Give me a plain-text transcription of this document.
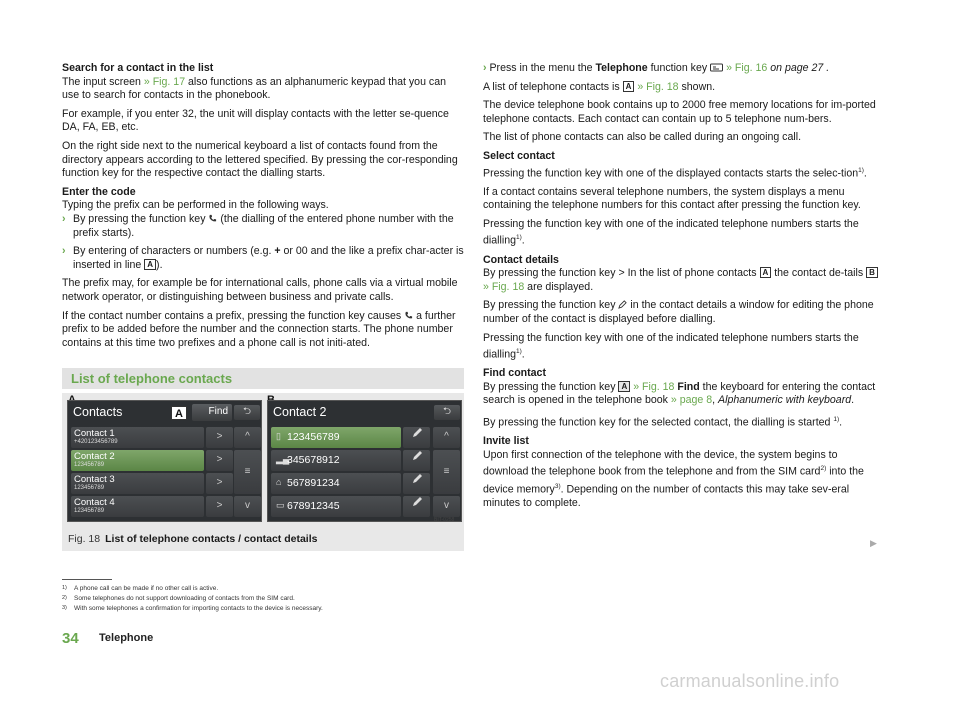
Search for a contact in the list

The input screen » Fig. 17 also functions as an alphanumeric keypad that you can use to search for contacts in the phonebook.

For example, if you enter 32, the unit will display contacts with the letter se-quence DA, FA, EB, etc.

On the right side next to the numerical keyboard a list of contacts found from the directory appears according to the lettered specified. By pressing the cor-responding function key for the respective contact the dialling starts.

Enter the code

Typing the prefix can be performed in the following ways.

› By pressing the function key (the dialling of the entered phone number with the prefix starts).

› By entering of characters or numbers (e.g. + or 00 and the like a prefix char-acter is inserted in line A ).

The prefix may, for example be for international calls, phone calls via a virtual mobile network operator, or distinguishing between business and private calls.

If the contact number contains a prefix, pressing the function key causes a further prefix to be added before the number and the connection starts. The phone number contains at this time two prefixes and a phone call is not initi-ated.

List of telephone contacts
Contacts	Find
A	⮌
Contact 1
+420123456789
Contact 2
123456789
Contact 3
123456789
Contact 4
123456789
>
>
>
>
^
≡
v
Contact 2	⮌
▯ 123456789
▂▄
345678912
⌂ 567891234
▭ 678912345
^
≡
v
BIT-0258
Fig. 18 List of telephone contacts / contact details

› Press in the menu the Telephone function key » Fig. 16 on page 27 .

A list of telephone contacts is A » Fig. 18 shown.

The device telephone book contains up to 2000 free memory locations for im-ported telephone contacts. Each contact can contain up to 5 telephone num-bers.

The list of phone contacts can also be called during an ongoing call.

Select contact

Pressing the function key with one of the displayed contacts starts the selec-tion$^{1)}$.

If a contact contains several telephone numbers, the system displays a menu containing the telephone numbers for this contact after pressing the function key.

Pressing the function key with one of the indicated telephone numbers starts the dialling$^{1)}$.

Contact details

By pressing the function key > In the list of phone contacts A the contact de-tails B» Fig. 18 are displayed.

By pressing the function key in the contact details a window for editing the phone number of the contact is displayed before dialling.

Pressing the function key with one of the indicated telephone numbers starts the dialling$^{1)}$.

Find contact

By pressing the function key A » Fig. 18 Find the keyboard for entering the contact search is opened in the telephone book » page 8, Alphanumeric with keyboard.

By pressing the function key for the selected contact, the dialling is started $^{1)}$.

Invite list

Upon first connection of the telephone with the device, the system begins to download the telephone book from the telephone and from the SIM card$^{2)}$ into the device memory$^{3)}$. Depending on the number of contacts this may take sev-eral minutes to complete.

▶
1) A phone call can be made if no other call is active.
2) Some telephones do not support downloading of contacts from the SIM card.
3) With some telephones a confirmation for importing contacts to the device is necessary.
34 Telephone
carmanualsonline.info
